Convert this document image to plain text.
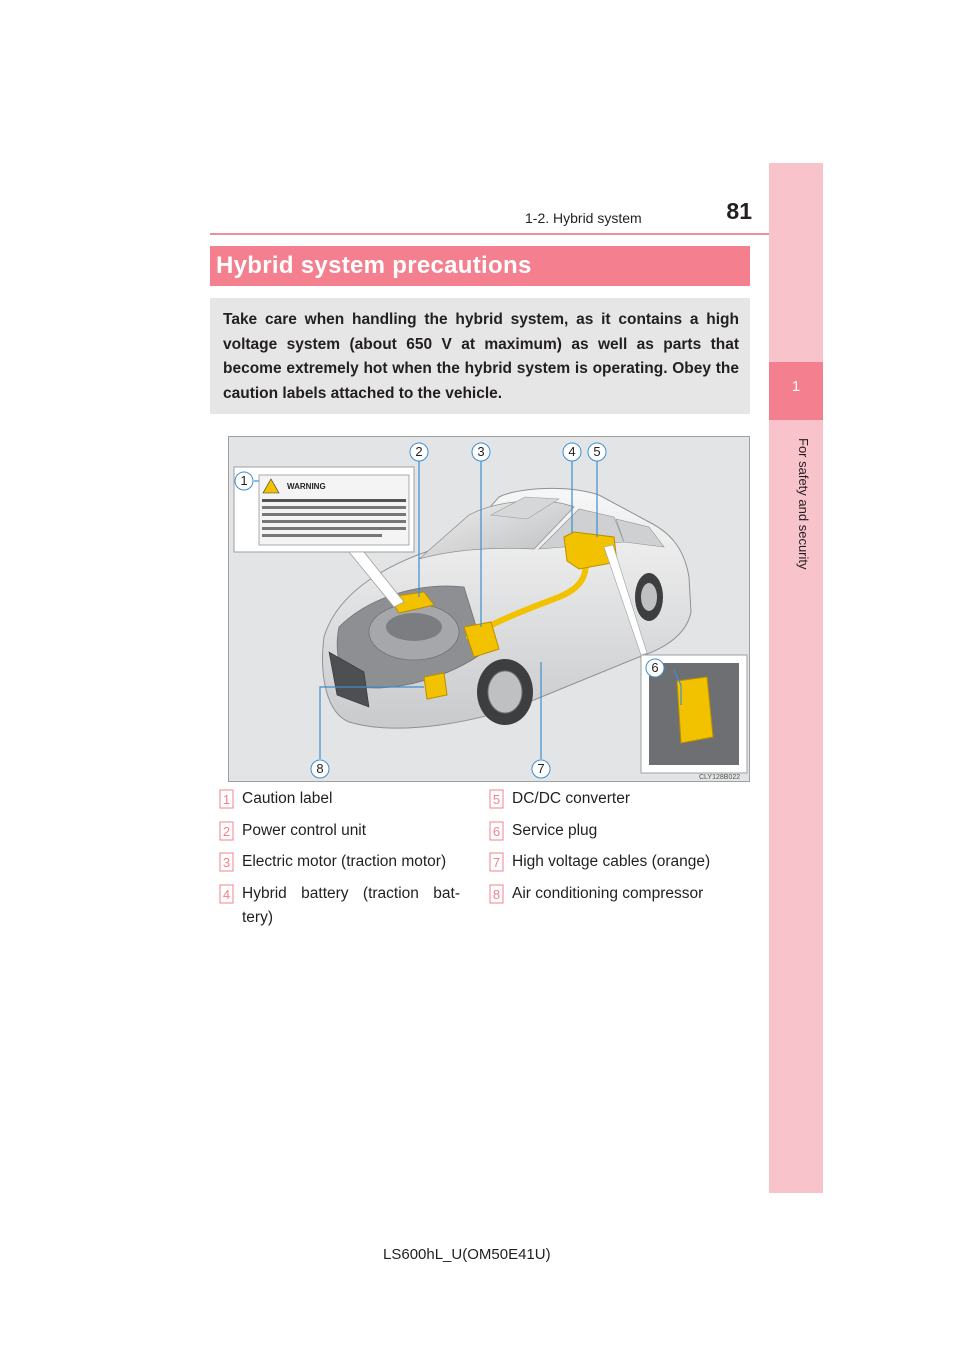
1-2. Hybrid system	81
1
For safety and security
Hybrid system precautions
Take care when handling the hybrid system, as it contains a high voltage system (about 650 V at maximum) as well as parts that become extremely hot when the hybrid system is operating. Obey the caution labels attached to the vehicle.
WARNING
1
2	3	4 5
6
7
8
CLY128B022
1 Caution label
2 Power control unit
3 Electric motor (traction motor)
4 Hybrid battery (traction bat-tery)
5 DC/DC converter
6 Service plug
7 High voltage cables (orange)
8 Air conditioning compressor
LS600hL_U(OM50E41U)
